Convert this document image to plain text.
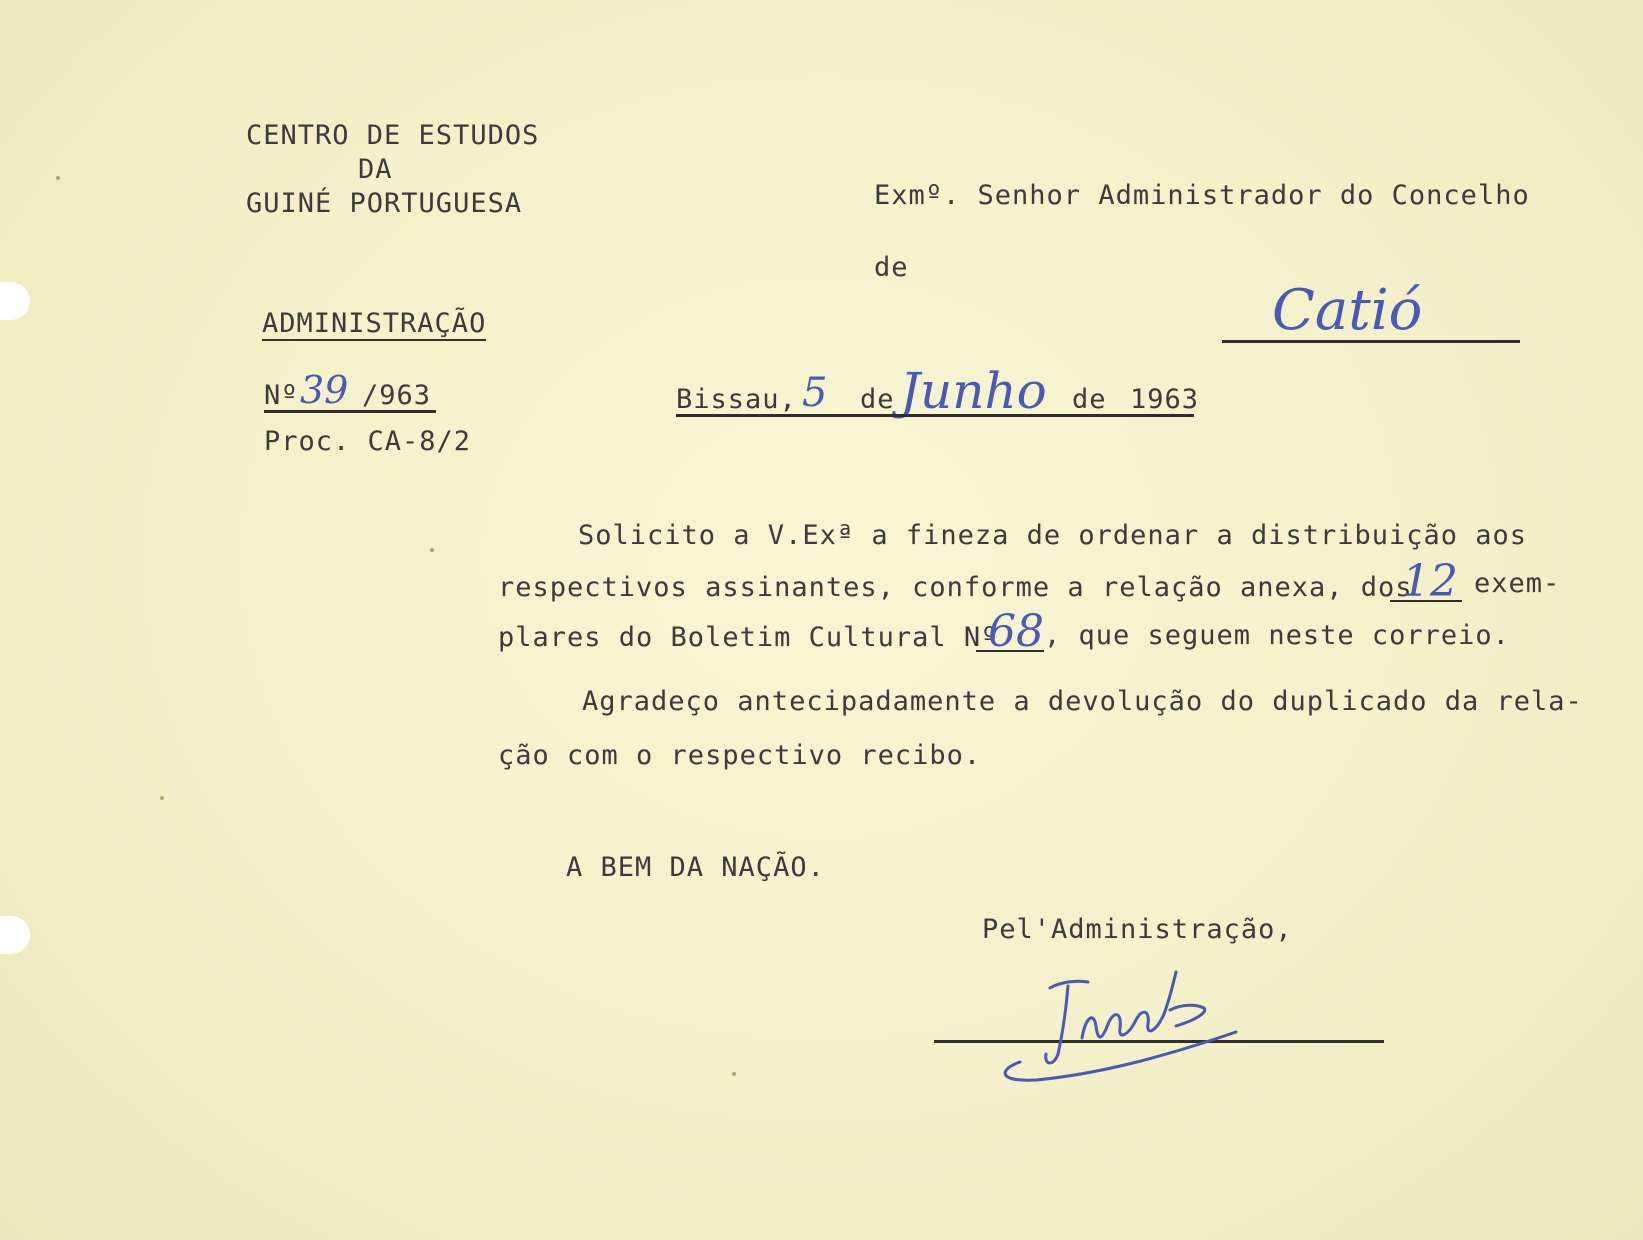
CENTRO DE ESTUDOS
DA
GUINÉ PORTUGUESA
ADMINISTRAÇÃO
Nº 39 /963
Proc. CA-8/2
Exmº. Senhor Administrador do Concelho
de
Catió
Bissau, 5 de Junho de 1963
Solicito a V.Exª a fineza de ordenar a distribuição aos
respectivos assinantes, conforme a relação anexa, dos
12 exem-
plares do Boletim Cultural Nº
68 , que seguem neste correio.
Agradeço antecipadamente a devolução do duplicado da rela-
ção com o respectivo recibo.
A BEM DA NAÇÃO.
Pel'Administração,
